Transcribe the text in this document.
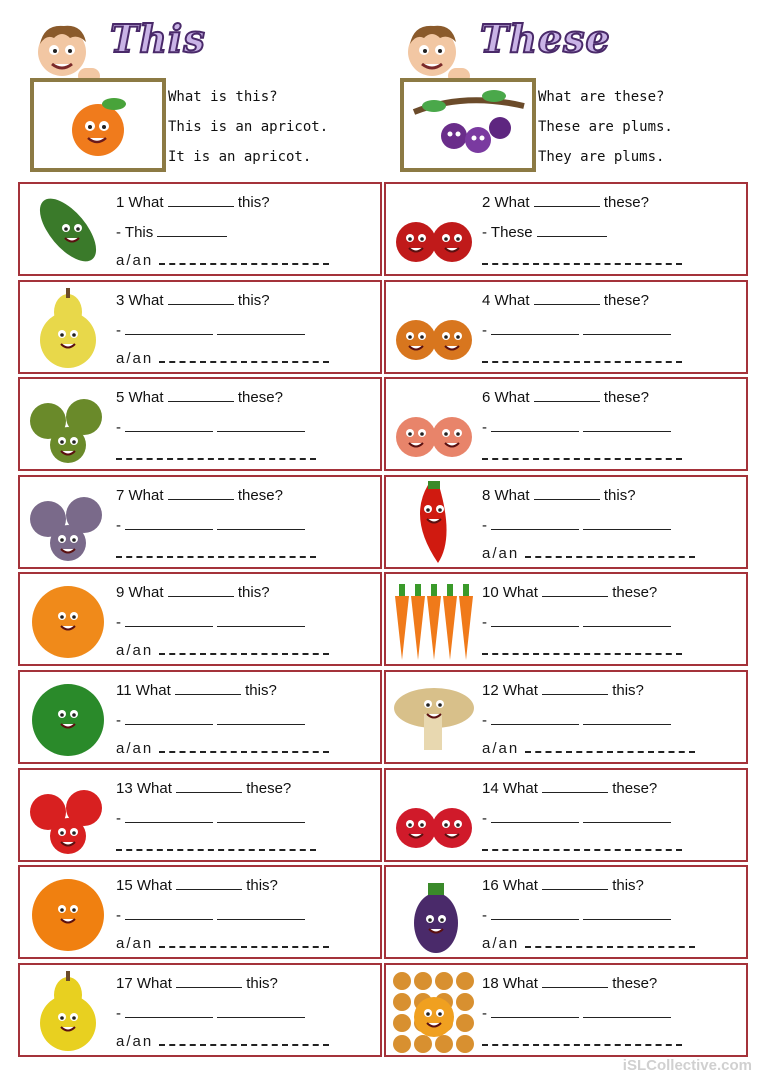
This
What is this?
This is an apricot.
It is an apricot.
These
What are these?
These are plums.
They are plums.
1 What	this?
- This
a/an
2 What	these?
- These
3 What	this?
-
a/an
4 What	these?
-
5 What	these?
-
6 What	these?
-
7 What	these?
-
8 What	this?
-
a/an
9 What	this?
-
a/an
10 What	these?
-
11 What	this?
-
a/an
12 What	this?
-
a/an
13 What	these?
-
14 What	these?
-
15 What	this?
-
a/an
16 What	this?
-
a/an
17 What	this?
-
a/an
18 What	these?
-
iSLCollective.com
